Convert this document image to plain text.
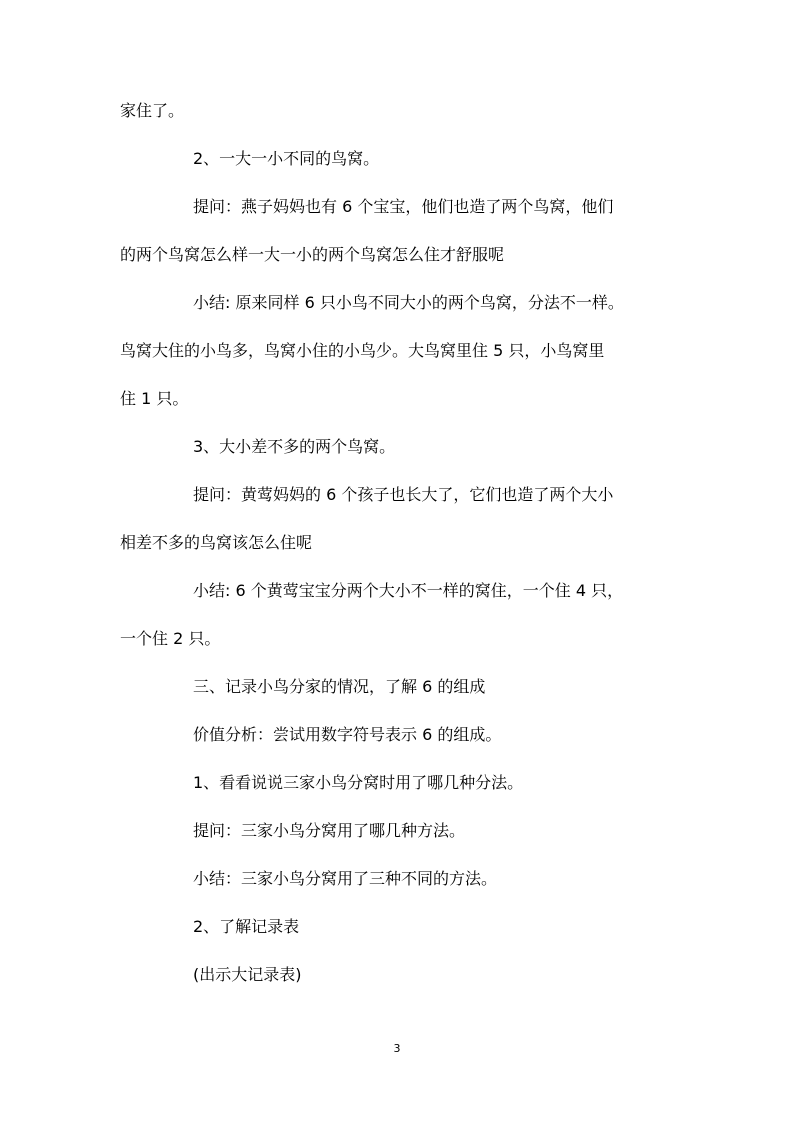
家住了。
2、一大一小不同的鸟窝。
提问：燕子妈妈也有 6 个宝宝，他们也造了两个鸟窝，他们
的两个鸟窝怎么样一大一小的两个鸟窝怎么住才舒服呢
小结: 原来同样 6 只小鸟不同大小的两个鸟窝，分法不一样。
鸟窝大住的小鸟多，鸟窝小住的小鸟少。大鸟窝里住 5 只，小鸟窝里
住 1 只。
3、大小差不多的两个鸟窝。
提问：黄莺妈妈的 6 个孩子也长大了，它们也造了两个大小
相差不多的鸟窝该怎么住呢
小结: 6 个黄莺宝宝分两个大小不一样的窝住，一个住 4 只，
一个住 2 只。
三、记录小鸟分家的情况，了解 6 的组成
价值分析：尝试用数字符号表示 6 的组成。
1、看看说说三家小鸟分窝时用了哪几种分法。
提问：三家小鸟分窝用了哪几种方法。
小结：三家小鸟分窝用了三种不同的方法。
2、了解记录表
(出示大记录表)
3
